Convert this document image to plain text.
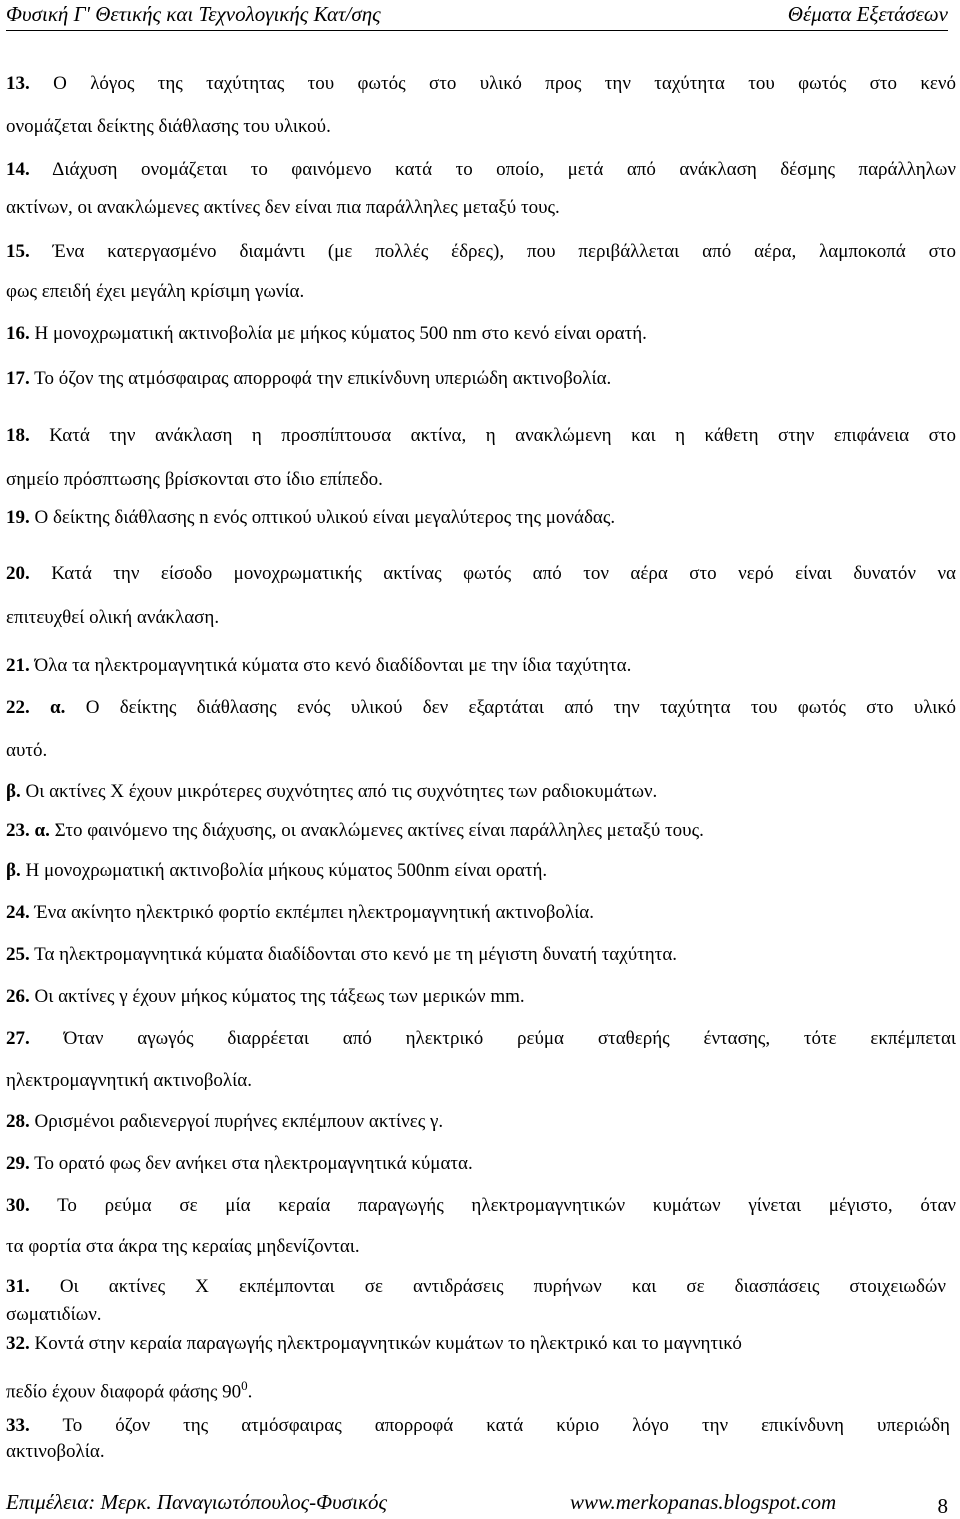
Φυσική Γ' Θετικής και Τεχνολογικής Κατ/σης	Θέματα Εξετάσεων
13. Ο λόγος της ταχύτητας του φωτός στο υλικό προς την ταχύτητα του φωτός στο κενό
ονομάζεται δείκτης διάθλασης του υλικού.
14. Διάχυση ονομάζεται το φαινόμενο κατά το οποίο, μετά από ανάκλαση δέσμης παράλληλων
ακτίνων, οι ανακλώμενες ακτίνες δεν είναι πια παράλληλες μεταξύ τους.
15. Ένα κατεργασμένο διαμάντι (με πολλές έδρες), που περιβάλλεται από αέρα, λαμποκοπά στο
φως επειδή έχει μεγάλη κρίσιμη γωνία.
16. Η μονοχρωματική ακτινοβολία με μήκος κύματος 500 nm στο κενό είναι ορατή.
17. Το όζον της ατμόσφαιρας απορροφά την επικίνδυνη υπεριώδη ακτινοβολία.
18. Κατά την ανάκλαση η προσπίπτουσα ακτίνα, η ανακλώμενη και η κάθετη στην επιφάνεια στο
σημείο πρόσπτωσης βρίσκονται στο ίδιο επίπεδο.
19. Ο δείκτης διάθλασης n ενός οπτικού υλικού είναι μεγαλύτερος της μονάδας.
20. Κατά την είσοδο μονοχρωματικής ακτίνας φωτός από τον αέρα στο νερό είναι δυνατόν να
επιτευχθεί ολική ανάκλαση.
21. Όλα τα ηλεκτρομαγνητικά κύματα στο κενό διαδίδονται με την ίδια ταχύτητα.
22. α. Ο δείκτης διάθλασης ενός υλικού δεν εξαρτάται από την ταχύτητα του φωτός στο υλικό
αυτό.
β. Οι ακτίνες Χ έχουν μικρότερες συχνότητες από τις συχνότητες των ραδιοκυμάτων.
23. α. Στο φαινόμενο της διάχυσης, οι ανακλώμενες ακτίνες είναι παράλληλες μεταξύ τους.
β. Η μονοχρωματική ακτινοβολία μήκους κύματος 500nm είναι ορατή.
24. Ένα ακίνητο ηλεκτρικό φορτίο εκπέμπει ηλεκτρομαγνητική ακτινοβολία.
25. Τα ηλεκτρομαγνητικά κύματα διαδίδονται στο κενό με τη μέγιστη δυνατή ταχύτητα.
26. Οι ακτίνες γ έχουν μήκος κύματος της τάξεως των μερικών mm.
27. Όταν αγωγός διαρρέεται από ηλεκτρικό ρεύμα σταθερής έντασης, τότε εκπέμπεται
ηλεκτρομαγνητική ακτινοβολία.
28. Ορισμένοι ραδιενεργοί πυρήνες εκπέμπουν ακτίνες γ.
29. Το ορατό φως δεν ανήκει στα ηλεκτρομαγνητικά κύματα.
30. Το ρεύμα σε μία κεραία παραγωγής ηλεκτρομαγνητικών κυμάτων γίνεται μέγιστο, όταν
τα φορτία στα άκρα της κεραίας μηδενίζονται.
31. Οι ακτίνες Χ εκπέμπονται σε αντιδράσεις πυρήνων και σε διασπάσεις στοιχειωδών
σωματιδίων.
32. Κοντά στην κεραία παραγωγής ηλεκτρομαγνητικών κυμάτων το ηλεκτρικό και το μαγνητικό
πεδίο έχουν διαφορά φάσης $90^0$.
33. Το όζον της ατμόσφαιρας απορροφά κατά κύριο λόγο την επικίνδυνη υπεριώδη
ακτινοβολία.
Επιμέλεια: Μερκ. Παναγιωτόπουλος-Φυσικός	www.merkopanas.blogspot.com	8
